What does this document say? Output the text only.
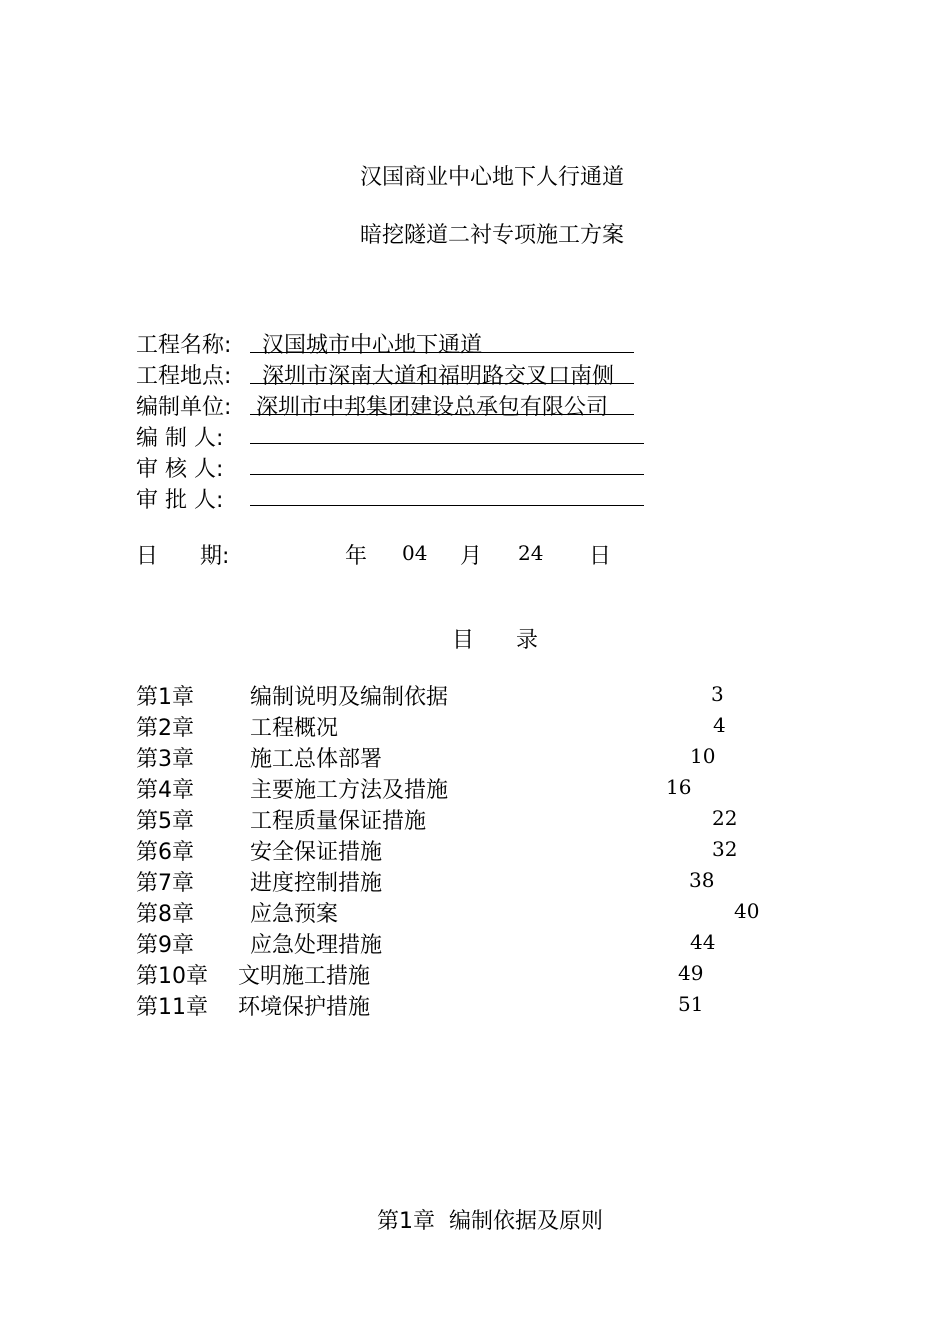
汉国商业中心地下人行通道
暗挖隧道二衬专项施工方案
工程名称: 汉国城市中心地下通道
工程地点: 深圳市深南大道和福明路交叉口南侧
编制单位: 深圳市中邦集团建设总承包有限公司
编 制 人:
审 核 人:
审 批 人:
日      期:	年 04 月 24 日
目      录
第1章	编制说明及编制依据	3
第2章	工程概况	4
第3章	施工总体部署	10
第4章	主要施工方法及措施	16
第5章	工程质量保证措施	22
第6章	安全保证措施	32
第7章	进度控制措施	38
第8章	应急预案	40
第9章	应急处理措施	44
第10章 文明施工措施	49
第11章 环境保护措施	51
第1章  编制依据及原则
